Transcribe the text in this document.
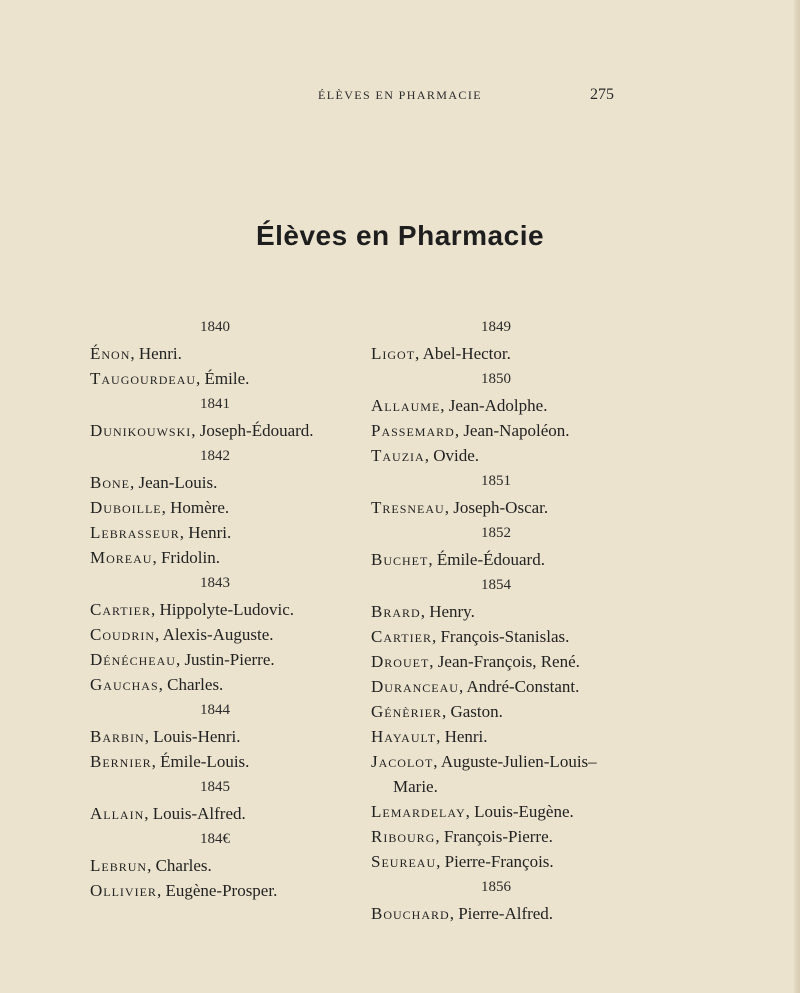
ÉLÈVES EN PHARMACIE	275
Élèves en Pharmacie
1840
Énon, Henri.
Taugourdeau, Émile.
1841
Dunikouwski, Joseph-Édouard.
1842
Bone, Jean-Louis.
Duboille, Homère.
Lebrasseur, Henri.
Moreau, Fridolin.
1843
Cartier, Hippolyte-Ludovic.
Coudrin, Alexis-Auguste.
Dénécheau, Justin-Pierre.
Gauchas, Charles.
1844
Barbin, Louis-Henri.
Bernier, Émile-Louis.
1845
Allain, Louis-Alfred.
184€
Lebrun, Charles.
Ollivier, Eugène-Prosper.
1849
Ligot, Abel-Hector.
1850
Allaume, Jean-Adolphe.
Passemard, Jean-Napoléon.
Tauzia, Ovide.
1851
Tresneau, Joseph-Oscar.
1852
Buchet, Émile-Édouard.
1854
Brard, Henry.
Cartier, François-Stanislas.
Drouet, Jean-François, René.
Duranceau, André-Constant.
Génèrier, Gaston.
Hayault, Henri.
Jacolot, Auguste-Julien-Louis–
Marie.
Lemardelay, Louis-Eugène.
Ribourg, François-Pierre.
Seureau, Pierre-François.
1856
Bouchard, Pierre-Alfred.
